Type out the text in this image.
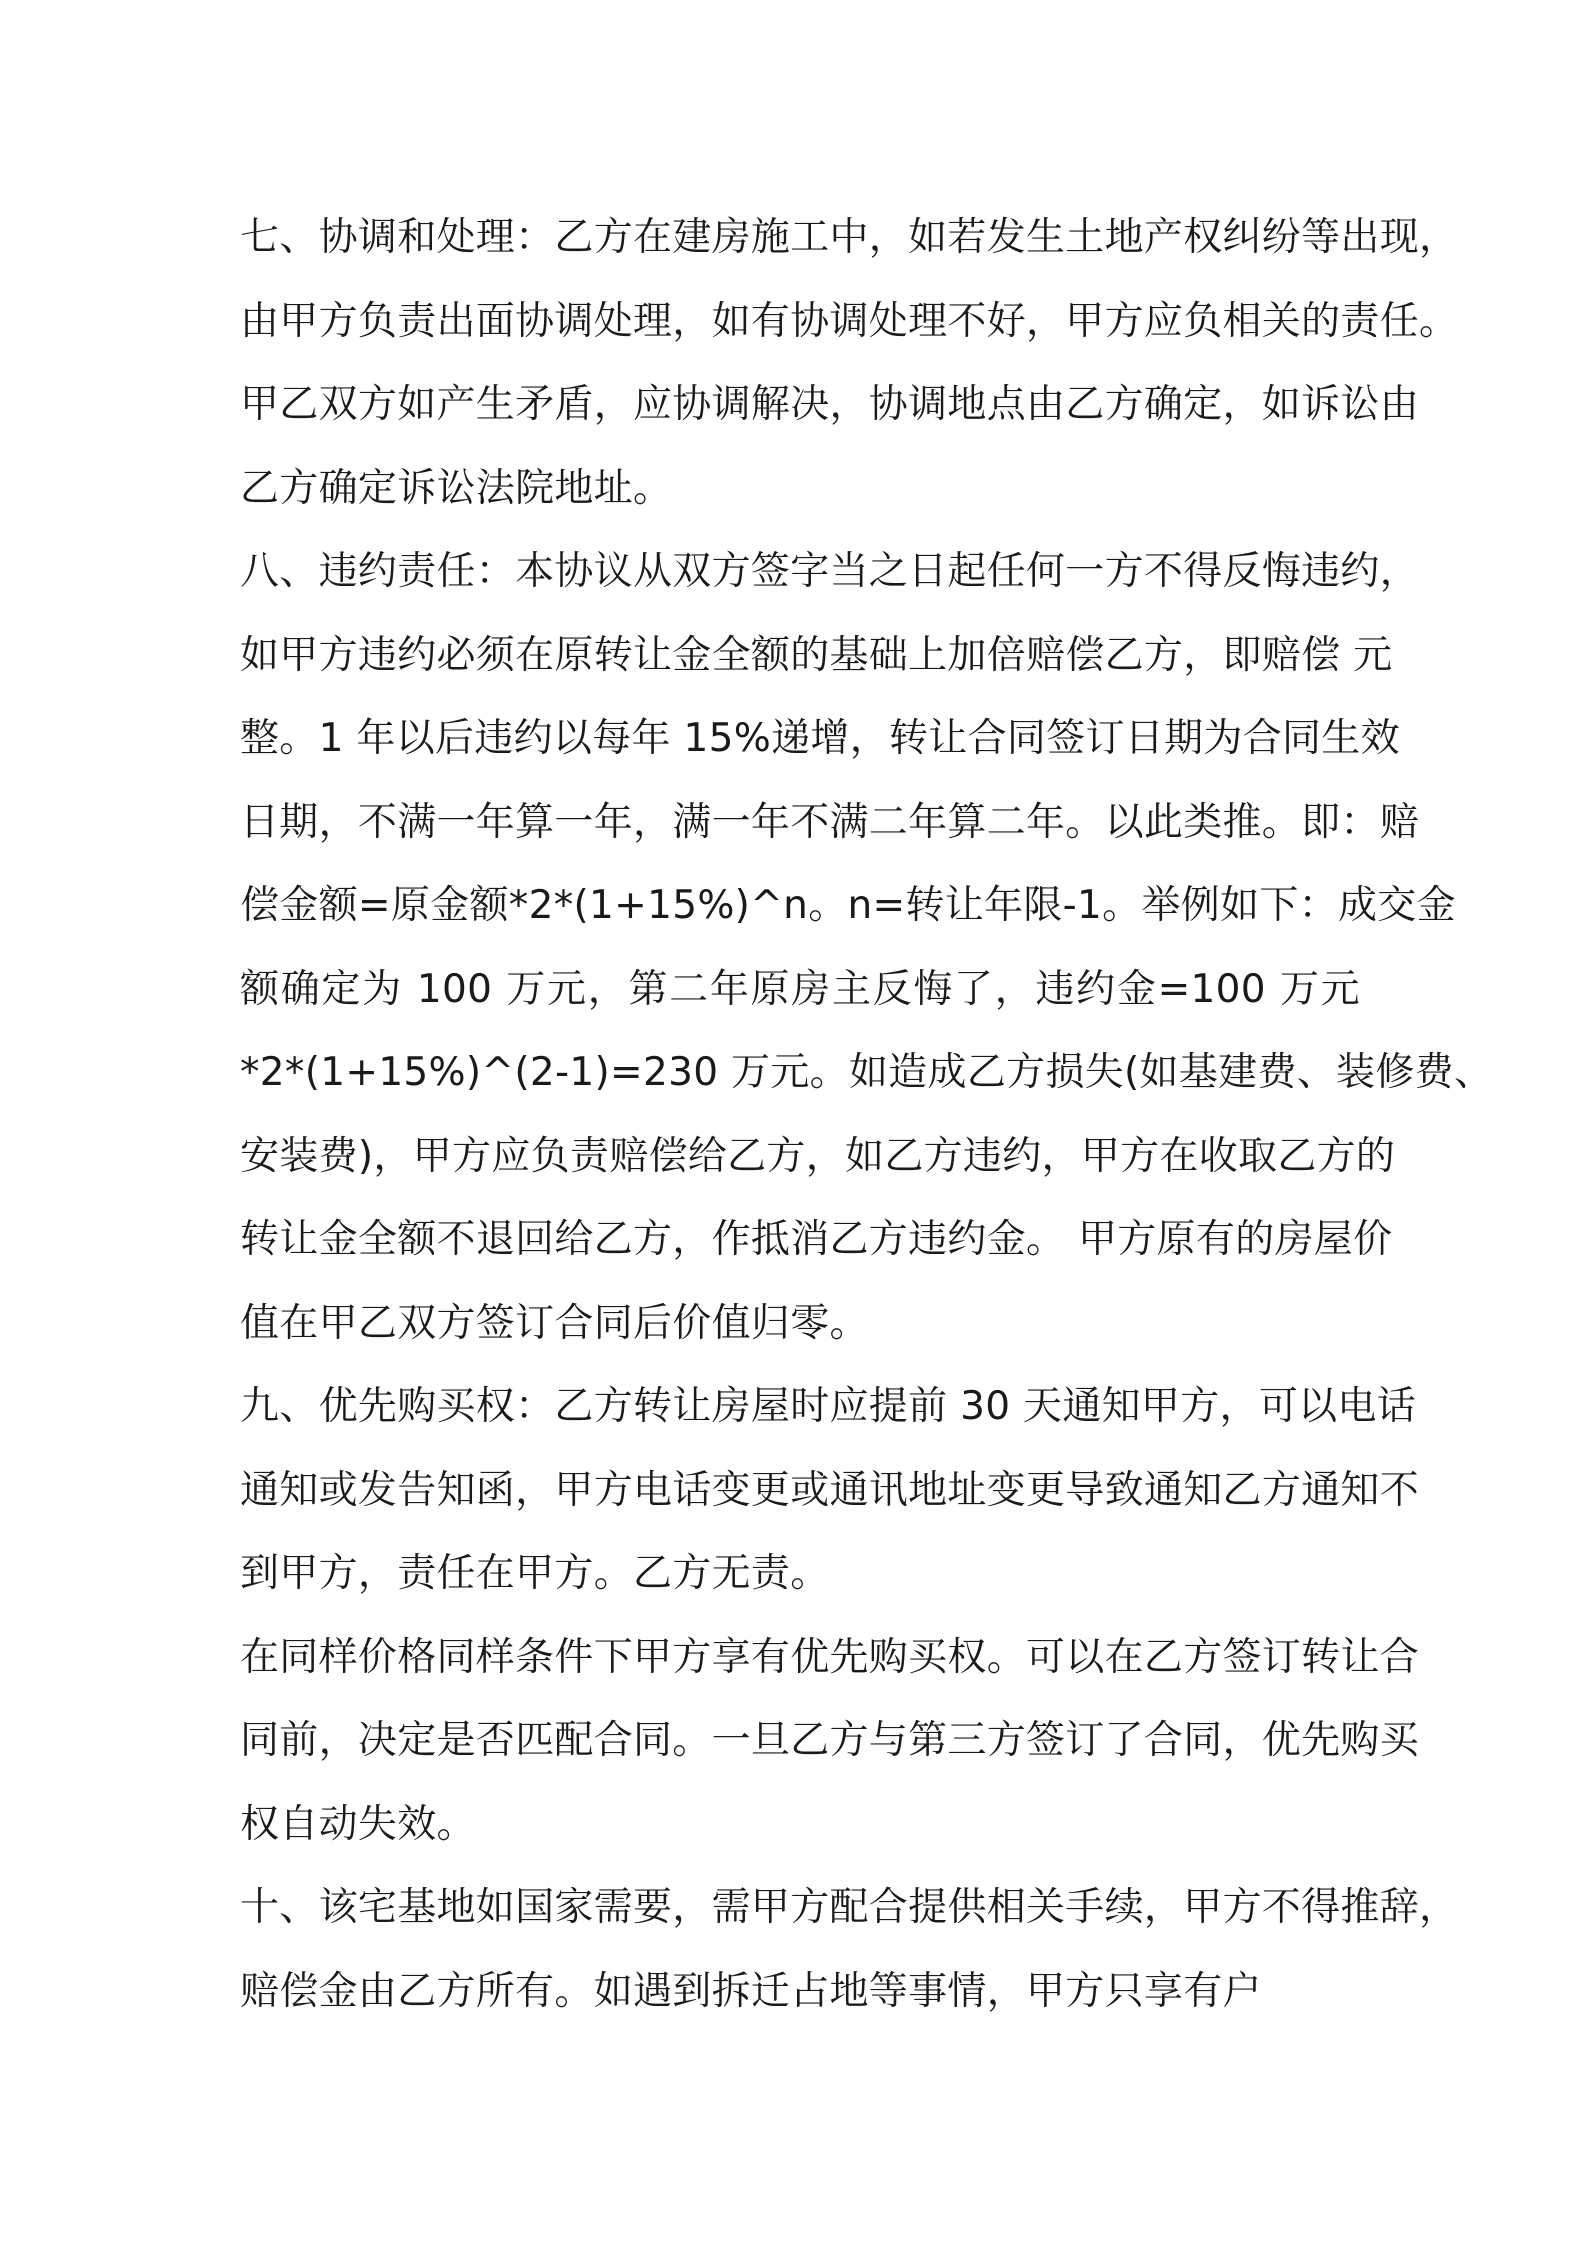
七、协调和处理：乙方在建房施工中，如若发生土地产权纠纷等出现，
由甲方负责出面协调处理，如有协调处理不好，甲方应负相关的责任。
甲乙双方如产生矛盾，应协调解决，协调地点由乙方确定，如诉讼由
乙方确定诉讼法院地址。
八、违约责任：本协议从双方签字当之日起任何一方不得反悔违约，
如甲方违约必须在原转让金全额的基础上加倍赔偿乙方，即赔偿 元
整。1 年以后违约以每年 15%递增，转让合同签订日期为合同生效
日期，不满一年算一年，满一年不满二年算二年。以此类推。即：赔
偿金额=原金额*2*(1+15%)^n。n=转让年限-1。举例如下：成交金
额确定为 100 万元，第二年原房主反悔了，违约金=100 万元
*2*(1+15%)^(2-1)=230 万元。如造成乙方损失(如基建费、装修费、
安装费)，甲方应负责赔偿给乙方，如乙方违约，甲方在收取乙方的
转让金全额不退回给乙方，作抵消乙方违约金。 甲方原有的房屋价
值在甲乙双方签订合同后价值归零。
九、优先购买权：乙方转让房屋时应提前 30 天通知甲方，可以电话
通知或发告知函，甲方电话变更或通讯地址变更导致通知乙方通知不
到甲方，责任在甲方。乙方无责。
在同样价格同样条件下甲方享有优先购买权。可以在乙方签订转让合
同前，决定是否匹配合同。一旦乙方与第三方签订了合同，优先购买
权自动失效。
十、该宅基地如国家需要，需甲方配合提供相关手续，甲方不得推辞，
赔偿金由乙方所有。如遇到拆迁占地等事情，甲方只享有户
